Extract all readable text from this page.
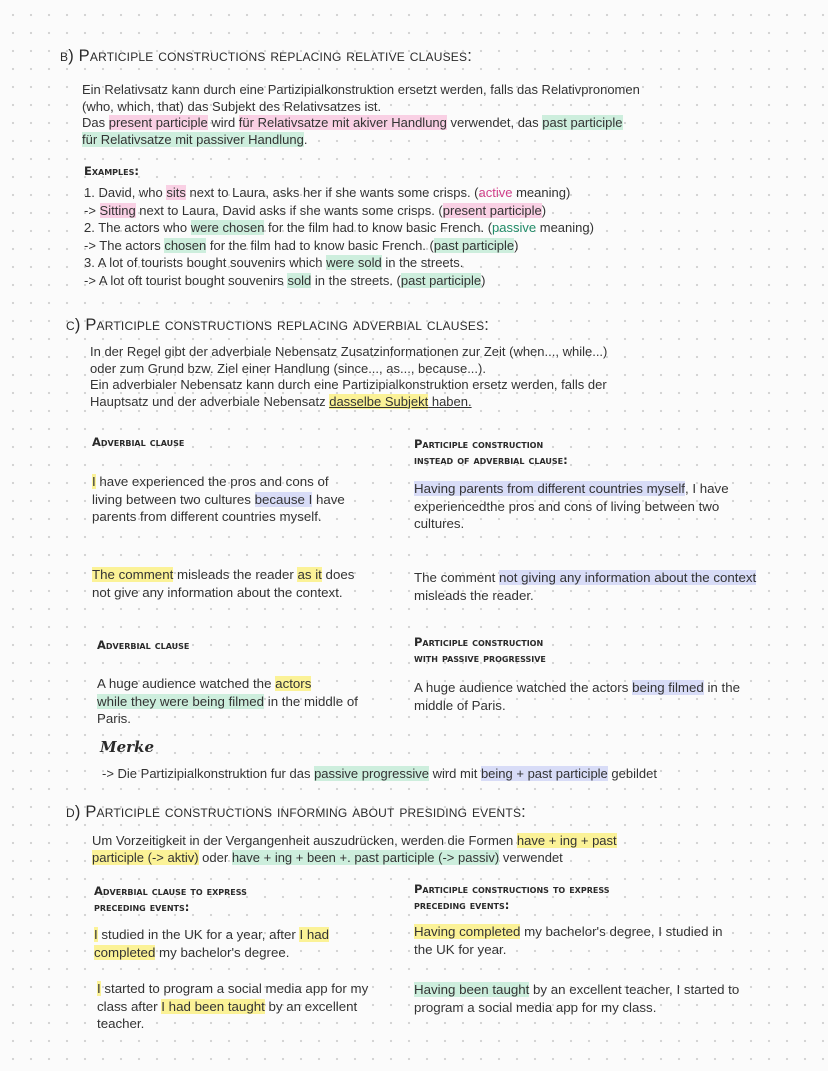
b) Participle constructions replacing relative clauses:

Ein Relativsatz kann durch eine Partizipialkonstruktion ersetzt werden, falls das Relativpronomen

(who, which, that) das Subjekt des Relativsatzes ist.

Das present participle wird für Relativsatze mit akiver Handlung verwendet, das past participle

für Relativsatze mit passiver Handlung.

Examples:

1. David, who sits next to Laura, asks her if she wants some crisps. (active meaning)

-> Sitting next to Laura, David asks if she wants some crisps. (present participle)

2. The actors who were chosen for the film had to know basic French. (passive meaning)

-> The actors chosen for the film had to know basic French. (past participle)

3. A lot of tourists bought souvenirs which were sold in the streets.

-> A lot oft tourist bought souvenirs sold in the streets. (past participle)

c) Participle constructions replacing adverbial clauses:

In der Regel gibt der adverbiale Nebensatz Zusatzinformationen zur Zeit (when..., while...)

oder zum Grund bzw. Ziel einer Handlung (since..., as..., because...).

Ein adverbialer Nebensatz kann durch eine Partizipialkonstruktion ersetz werden, falls der

Hauptsatz und der adverbiale Nebensatz dasselbe Subjekt haben.

Adverbial clause	Participle construction
instead of adverbial clause:
I have experienced the pros and cons of living between two cultures because I have parents from different countries myself.
Having parents from different countries myself, I have experiencedthe pros and cons of living between two cultures.
The comment misleads the reader as it does not give any information about the context.
The comment not giving any information about the context misleads the reader.
Adverbial clause	Participle construction
with passive progressive
A huge audience watched the actors
while they were being filmed in the middle of Paris.
A huge audience watched the actors being filmed in the middle of Paris.
Merke
-> Die Partizipialkonstruktion fur das passive progressive wird mit being + past participle gebildet
d) Participle constructions informing about presiding events:

Um Vorzeitigkeit in der Vergangenheit auszudrücken, werden die Formen have + ing + past

participle (-> aktiv) oder have + ing + been +. past participle (-> passiv) verwendet

Adverbial clause to express
preceding events:
Participle constructions to express
preceding events:
I studied in the UK for a year, after I had completed my bachelor's degree.
Having completed my bachelor's degree, I studied in the UK for year.
I started to program a social media app for my class after I had been taught by an excellent teacher.
Having been taught by an excellent teacher, I started to program a social media app for my class.
